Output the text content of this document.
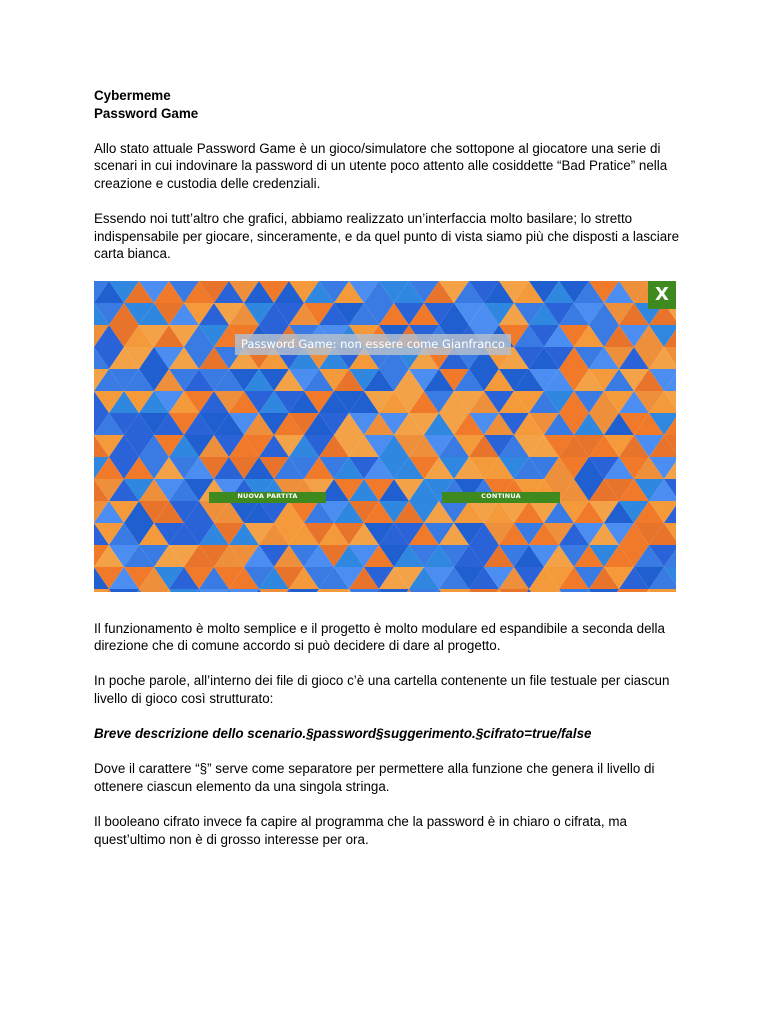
Cybermeme
Password Game

Allo stato attuale Password Game è un gioco/simulatore che sottopone al giocatore una serie di scenari in cui indovinare la password di un utente poco attento alle cosiddette “Bad Pratice” nella creazione e custodia delle credenziali.

Essendo noi tutt’altro che grafici, abbiamo realizzato un’interfaccia molto basilare; lo stretto indispensabile per giocare, sinceramente, e da quel punto di vista siamo più che disposti a lasciare carta bianca.

X
Password Game: non essere come Gianfranco
NUOVA PARTITA	CONTINUA

Il funzionamento è molto semplice e il progetto è molto modulare ed espandibile a seconda della direzione che di comune accordo si può decidere di dare al progetto.

In poche parole, all’interno dei file di gioco c’è una cartella contenente un file testuale per ciascun livello di gioco così strutturato:

Breve descrizione dello scenario.§password§suggerimento.§cifrato=true/false

Dove il carattere “§” serve come separatore per permettere alla funzione che genera il livello di ottenere ciascun elemento da una singola stringa.

Il booleano cifrato invece fa capire al programma che la password è in chiaro o cifrata, ma quest’ultimo non è di grosso interesse per ora.
